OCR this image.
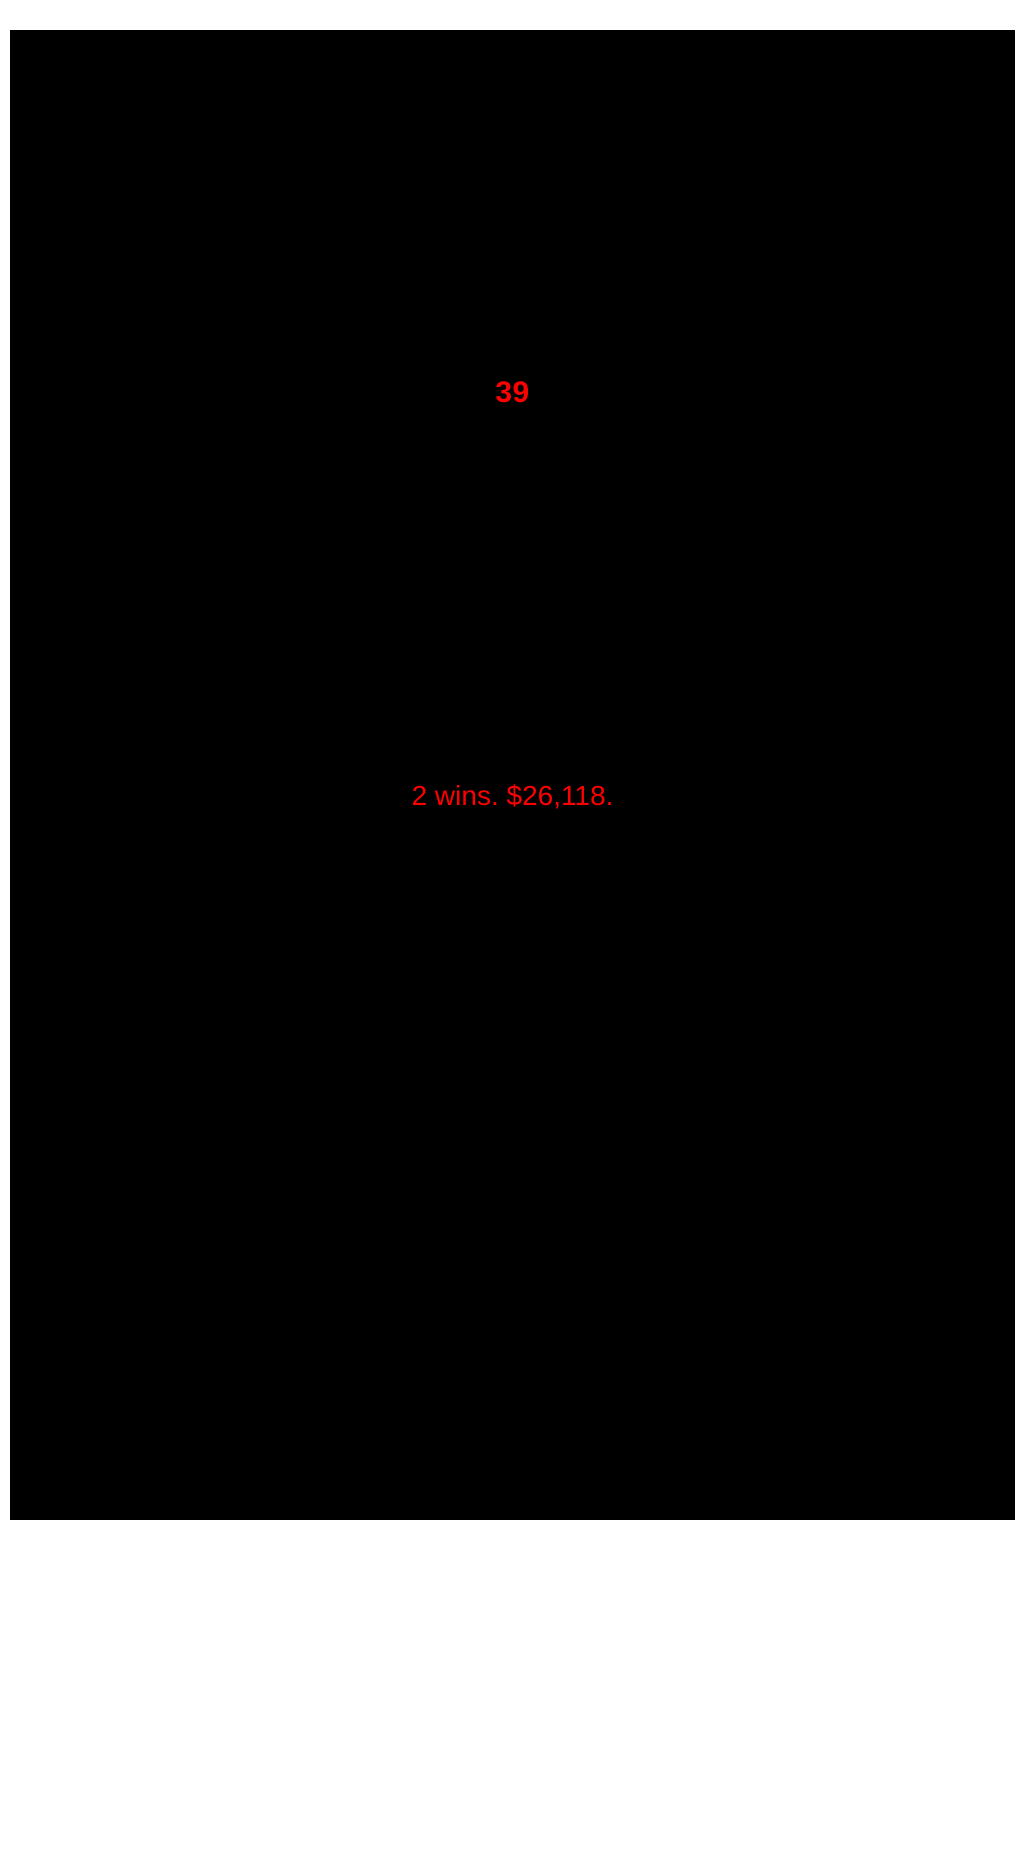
39
2 wins. $26,118.
